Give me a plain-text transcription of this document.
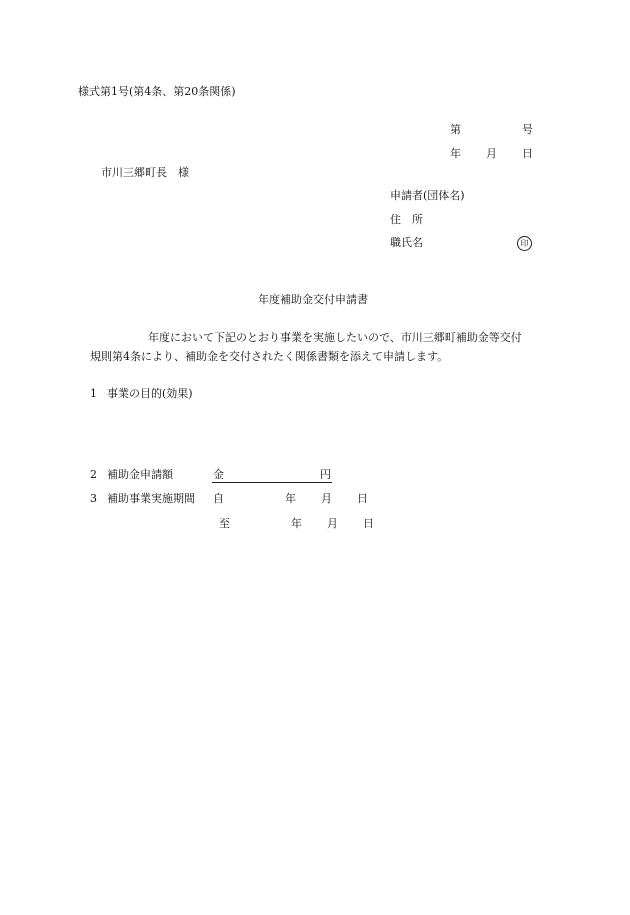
様式第1号(第4条、第20条関係)
第	号
年 月 日
市川三郷町長　様
申請者(団体名)
住　所
職氏名	印
年度補助金交付申請書
年度において下記のとおり事業を実施したいので、市川三郷町補助金等交付
規則第4条により、補助金を交付されたく関係書類を添えて申請します。
1 事業の目的(効果)
2 補助金申請額	金	円
3 補助事業実施期間 自	年 月 日
至	年 月 日
